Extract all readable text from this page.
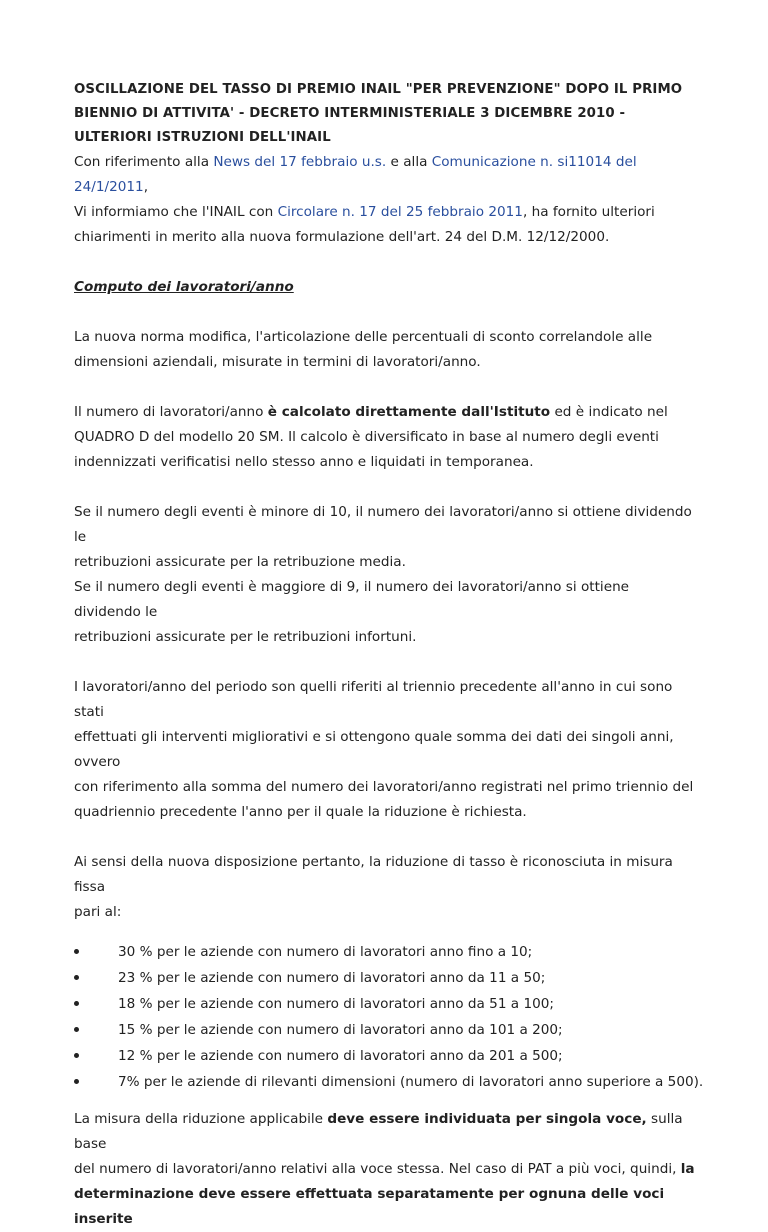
OSCILLAZIONE DEL TASSO DI PREMIO INAIL "PER PREVENZIONE" DOPO IL PRIMO
BIENNIO DI ATTIVITA' - DECRETO INTERMINISTERIALE 3 DICEMBRE 2010 -
ULTERIORI ISTRUZIONI DELL'INAIL

Con riferimento alla News del 17 febbraio u.s. e alla Comunicazione n. si11014 del 24/1/2011,
Vi informiamo che l'INAIL con Circolare n. 17 del 25 febbraio 2011, ha fornito ulteriori
chiarimenti in merito alla nuova formulazione dell'art. 24 del D.M. 12/12/2000.

Computo dei lavoratori/anno

La nuova norma modifica, l'articolazione delle percentuali di sconto correlandole alle
dimensioni aziendali, misurate in termini di lavoratori/anno.

Il numero di lavoratori/anno è calcolato direttamente dall'Istituto ed è indicato nel
QUADRO D del modello 20 SM. Il calcolo è diversificato in base al numero degli eventi
indennizzati verificatisi nello stesso anno e liquidati in temporanea.

Se il numero degli eventi è minore di 10, il numero dei lavoratori/anno si ottiene dividendo le
retribuzioni assicurate per la retribuzione media.
Se il numero degli eventi è maggiore di 9, il numero dei lavoratori/anno si ottiene dividendo le
retribuzioni assicurate per le retribuzioni infortuni.

I lavoratori/anno del periodo son quelli riferiti al triennio precedente all'anno in cui sono stati
effettuati gli interventi migliorativi e si ottengono quale somma dei dati dei singoli anni, ovvero
con riferimento alla somma del numero dei lavoratori/anno registrati nel primo triennio del
quadriennio precedente l'anno per il quale la riduzione è richiesta.

Ai sensi della nuova disposizione pertanto, la riduzione di tasso è riconosciuta in misura fissa
pari al:

30 % per le aziende con numero di lavoratori anno fino a 10;
23 % per le aziende con numero di lavoratori anno da 11 a 50;
18 % per le aziende con numero di lavoratori anno da 51 a 100;
15 % per le aziende con numero di lavoratori anno da 101 a 200;
12 % per le aziende con numero di lavoratori anno da 201 a 500;
7% per le aziende di rilevanti dimensioni (numero di lavoratori anno superiore a 500).

La misura della riduzione applicabile deve essere individuata per singola voce, sulla base
del numero di lavoratori/anno relativi alla voce stessa. Nel caso di PAT a più voci, quindi, la
determinazione deve essere effettuata separatamente per ognuna delle voci inserite
